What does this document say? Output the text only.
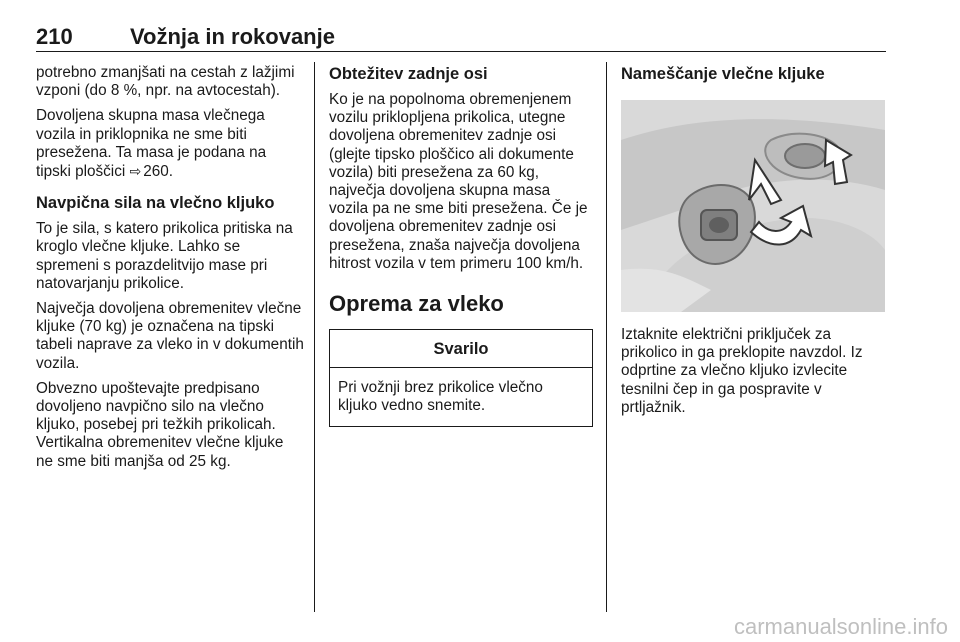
210	Vožnja in rokovanje

potrebno zmanjšati na cestah z lažjimi vzponi (do 8 %, npr. na avtocestah).

Dovoljena skupna masa vlečnega vozila in priklopnika ne sme biti presežena. Ta masa je podana na tipski ploščici ⇨ 260.

Navpična sila na vlečno kljuko

To je sila, s katero prikolica pritiska na kroglo vlečne kljuke. Lahko se spremeni s porazdelitvijo mase pri natovarjanju prikolice.

Največja dovoljena obremenitev vlečne kljuke (70 kg) je označena na tipski tabeli naprave za vleko in v dokumentih vozila.

Obvezno upoštevajte predpisano dovoljeno navpično silo na vlečno kljuko, posebej pri težkih prikolicah. Vertikalna obremenitev vlečne kljuke ne sme biti manjša od 25 kg.

Obtežitev zadnje osi

Ko je na popolnoma obremenjenem vozilu priklopljena prikolica, utegne dovoljena obremenitev zadnje osi (glejte tipsko ploščico ali dokumente vozila) biti presežena za 60 kg, največja dovoljena skupna masa vozila pa ne sme biti presežena. Če je dovoljena obremenitev zadnje osi presežena, znaša največja dovoljena hitrost vozila v tem primeru 100 km/h.

Oprema za vleko
Svarilo
Pri vožnji brez prikolice vlečno kljuko vedno snemite.
Nameščanje vlečne kljuke

Iztaknite električni priključek za prikolico in ga preklopite navzdol. Iz odprtine za vlečno kljuko izvlecite tesnilni čep in ga pospravite v prtljažnik.

carmanualsonline.info
